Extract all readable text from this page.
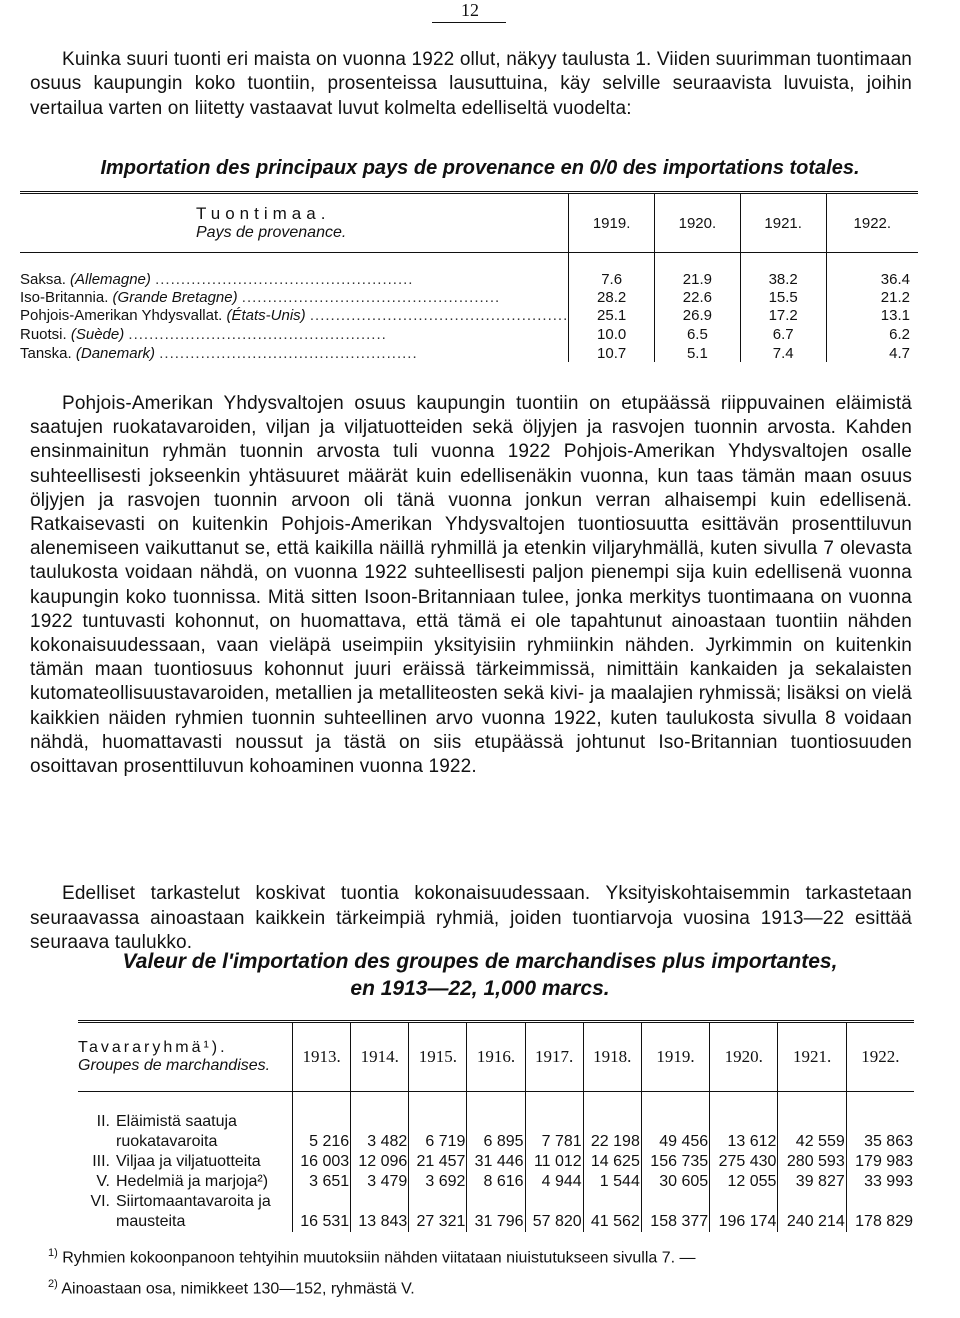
12

Kuinka suuri tuonti eri maista on vuonna 1922 ollut, näkyy taulusta 1. Viiden suurimman tuontimaan osuus kaupungin koko tuontiin, prosenteissa lausuttuina, käy selville seuraavista luvuista, joihin vertailua varten on liitetty vastaavat luvut kolmelta edelliseltä vuodelta:

Importation des principaux pays de provenance en 0/0 des importations totales.
Tuontimaa.
Pays de provenance.	1919.	1920.	1921.	1922.
Saksa. (Allemagne) ..................................................	7.6	21.9	38.2	36.4
Iso-Britannia. (Grande Bretagne) ..................................................	28.2	22.6	15.5	21.2
Pohjois-Amerikan Yhdysvallat. (États-Unis) ..................................................	25.1	26.9	17.2	13.1
Ruotsi. (Suède) ..................................................	10.0	6.5	6.7	6.2
Tanska. (Danemark) ..................................................	10.7	5.1	7.4	4.7

Pohjois-Amerikan Yhdysvaltojen osuus kaupungin tuontiin on etupäässä riippuvainen eläimistä saatujen ruokatavaroiden, viljan ja viljatuotteiden sekä öljyjen ja rasvojen tuonnin arvosta. Kahden ensinmainitun ryhmän tuonnin arvosta tuli vuonna 1922 Pohjois-Amerikan Yhdysvaltojen osalle suhteellisesti jokseenkin yhtäsuuret määrät kuin edellisenäkin vuonna, kun taas tämän maan osuus öljyjen ja rasvojen tuonnin arvoon oli tänä vuonna jonkun verran alhaisempi kuin edellisenä. Ratkaisevasti on kuitenkin Pohjois-Amerikan Yhdysvaltojen tuontiosuutta esittävän prosenttiluvun alenemiseen vaikuttanut se, että kaikilla näillä ryhmillä ja etenkin viljaryhmällä, kuten sivulla 7 olevasta taulukosta voidaan nähdä, on vuonna 1922 suhteellisesti paljon pienempi sija kuin edellisenä vuonna kaupungin koko tuonnissa. Mitä sitten Isoon-Britanniaan tulee, jonka merkitys tuontimaana on vuonna 1922 tuntuvasti kohonnut, on huomattava, että tämä ei ole tapahtunut ainoastaan tuontiin nähden kokonaisuudessaan, vaan vieläpä useimpiin yksityisiin ryhmiinkin nähden. Jyrkimmin on kuitenkin tämän maan tuontiosuus kohonnut juuri eräissä tärkeimmissä, nimittäin kankaiden ja sekalaisten kutomateollisuustavaroiden, metallien ja metalliteosten sekä kivi- ja maalajien ryhmissä; lisäksi on vielä kaikkien näiden ryhmien tuonnin suhteellinen arvo vuonna 1922, kuten taulukosta sivulla 8 voidaan nähdä, huomattavasti noussut ja tästä on siis etupäässä johtunut Iso-Britannian tuontiosuuden osoittavan prosenttiluvun kohoaminen vuonna 1922.

Edelliset tarkastelut koskivat tuontia kokonaisuudessaan. Yksityiskohtaisemmin tarkastetaan seuraavassa ainoastaan kaikkein tärkeimpiä ryhmiä, joiden tuontiarvoja vuosina 1913—22 esittää seuraava taulukko.

Valeur de l'importation des groupes de marchandises plus importantes,
en 1913—22, 1,000 marcs.
Tavararyhmä¹).
Groupes de marchandises.	1913.	1914.	1915.	1916.	1917.	1918.	1919.	1920.	1921.	1922.
II. Eläimistä saatuja ruokatavaroita	5 216	3 482	6 719	6 895	7 781	22 198	49 456	13 612	42 559	35 863
III. Viljaa ja viljatuotteita	16 003	12 096	21 457	31 446	11 012	14 625	156 735	275 430	280 593	179 983
V. Hedelmiä ja marjoja²)	3 651	3 479	3 692	8 616	4 944	1 544	30 605	12 055	39 827	33 993
VI. Siirtomaantavaroita ja mausteita	16 531	13 843	27 321	31 796	57 820	41 562	158 377	196 174	240 214	178 829
$^{1)}$ Ryhmien kokoonpanoon tehtyihin muutoksiin nähden viitataan niuistutukseen sivulla 7. —
$^{2)}$ Ainoastaan osa, nimikkeet 130—152, ryhmästä V.
